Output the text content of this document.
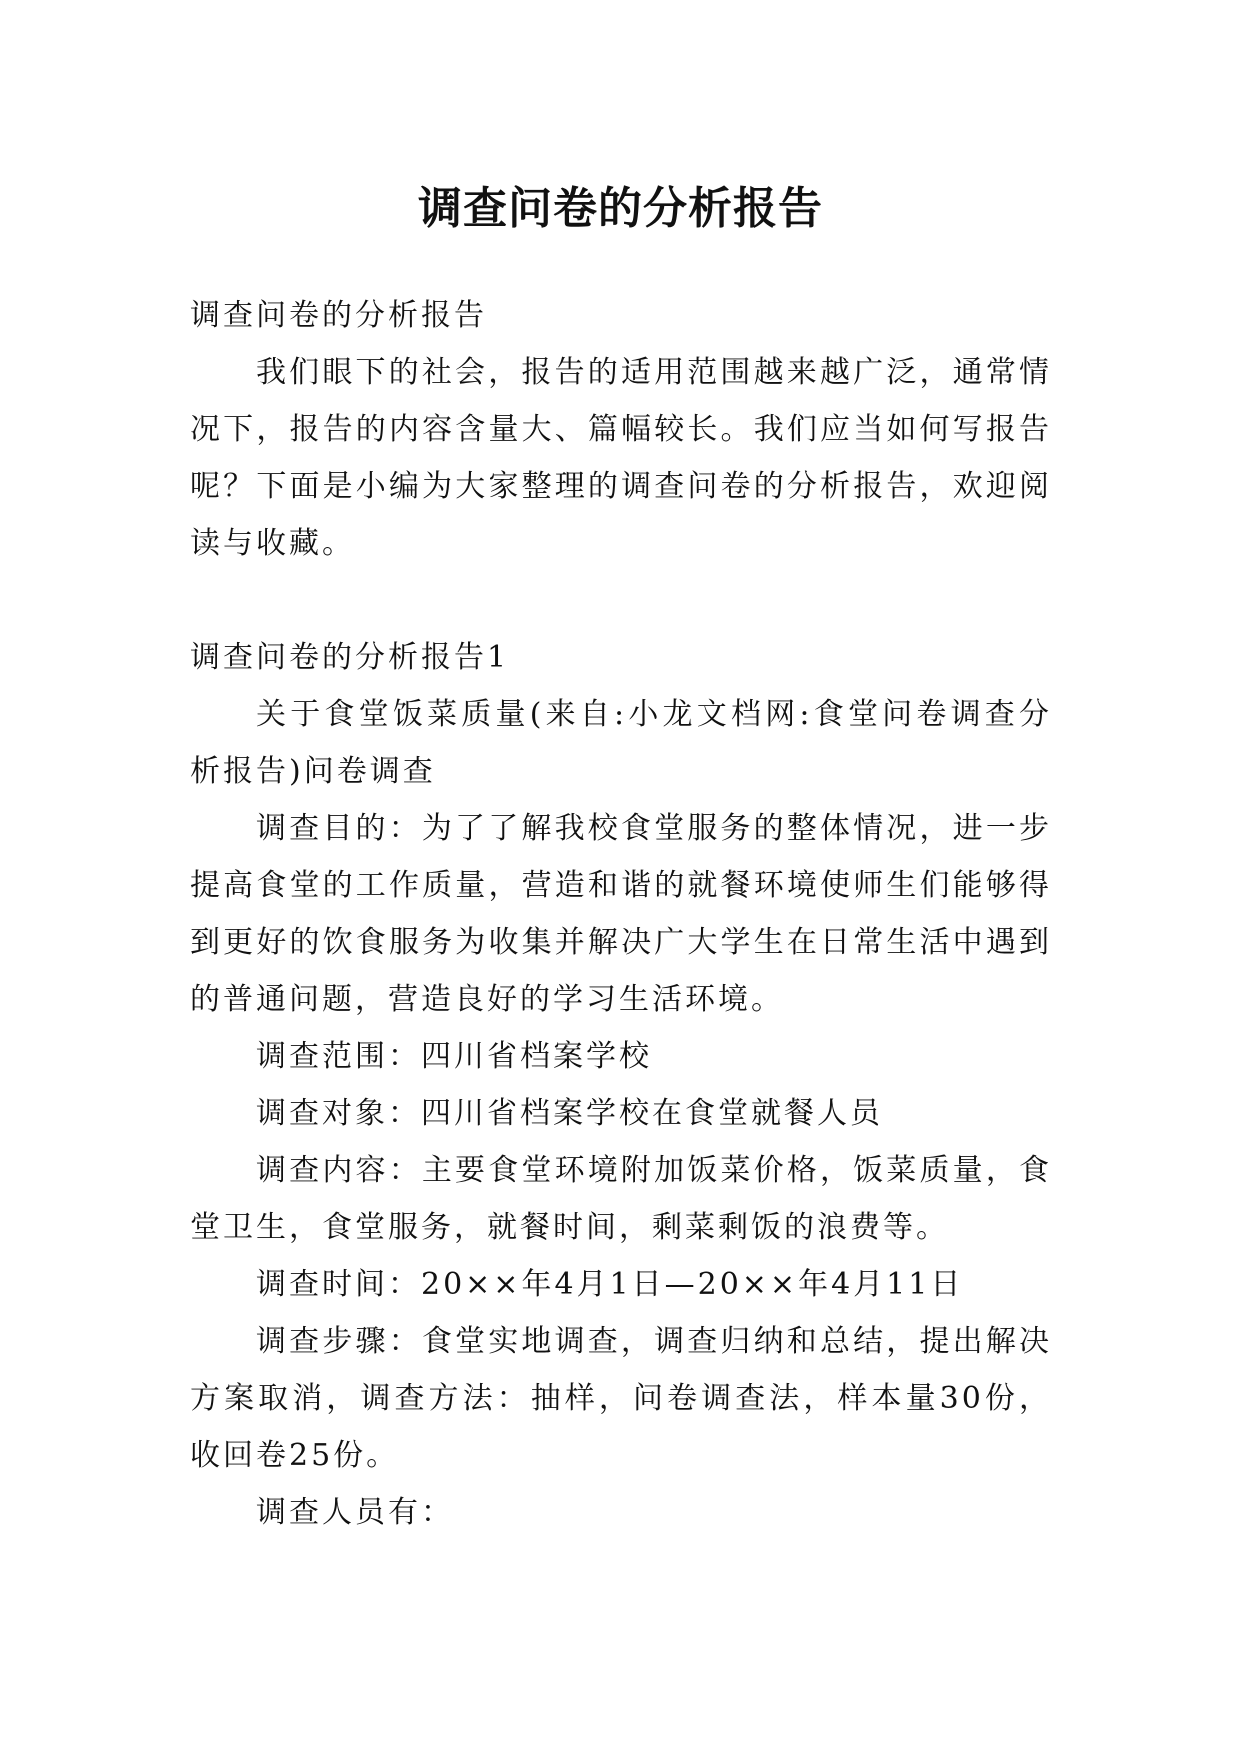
调查问卷的分析报告

调查问卷的分析报告

我们眼下的社会，报告的适用范围越来越广泛，通常情况下，报告的内容含量大、篇幅较长。我们应当如何写报告呢？下面是小编为大家整理的调查问卷的分析报告，欢迎阅读与收藏。

调查问卷的分析报告1

关于食堂饭菜质量(来自:小龙文档网:食堂问卷调查分析报告)问卷调查

调查目的：为了了解我校食堂服务的整体情况，进一步提高食堂的工作质量，营造和谐的就餐环境使师生们能够得到更好的饮食服务为收集并解决广大学生在日常生活中遇到的普通问题，营造良好的学习生活环境。

调查范围：四川省档案学校

调查对象：四川省档案学校在食堂就餐人员

调查内容：主要食堂环境附加饭菜价格，饭菜质量，食堂卫生，食堂服务，就餐时间，剩菜剩饭的浪费等。

调查时间：20××年4月1日—20××年4月11日

调查步骤：食堂实地调查，调查归纳和总结，提出解决方案取消，调查方法：抽样，问卷调查法，样本量30份，收回卷25份。

调查人员有：
